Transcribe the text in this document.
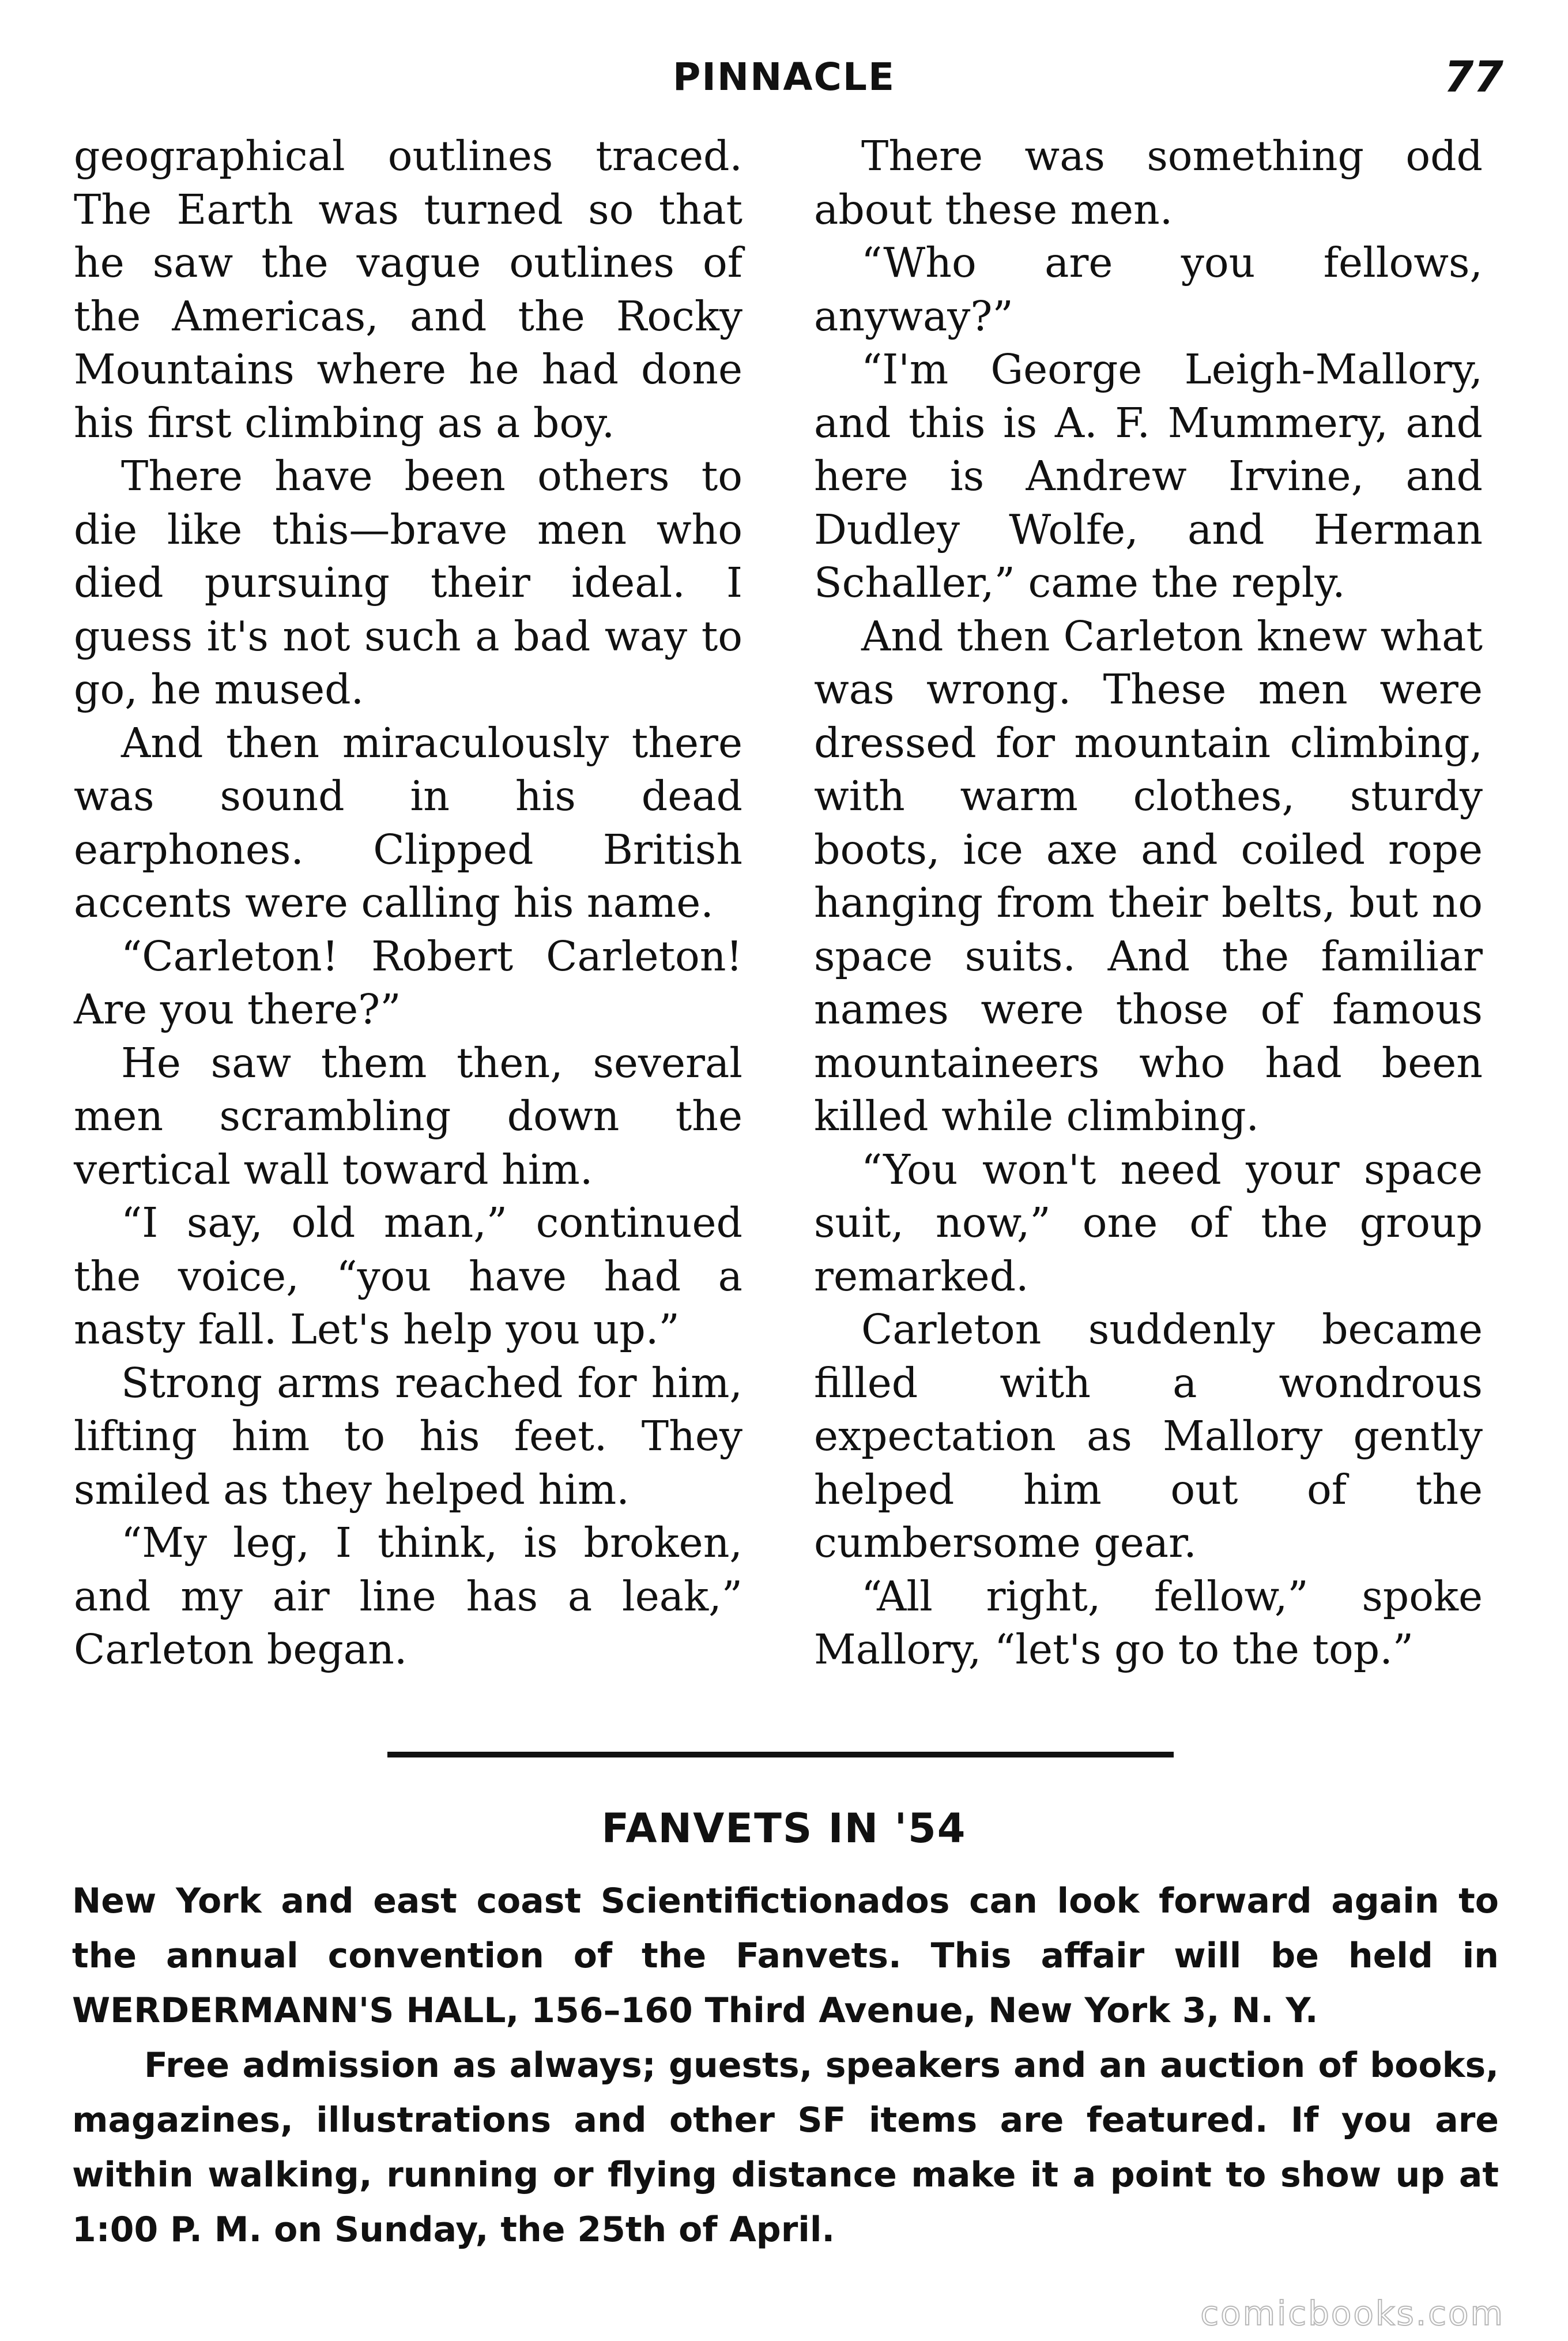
PINNACLE	77

geographical outlines traced. The Earth was turned so that he saw the vague outlines of the Americas, and the Rocky Mountains where he had done his first climbing as a boy.

There have been others to die like this—brave men who died pursuing their ideal. I guess it's not such a bad way to go, he mused.

And then miraculously there was sound in his dead earphones. Clipped British accents were calling his name.

“Carleton! Robert Carleton! Are you there?”

He saw them then, several men scrambling down the vertical wall toward him.

“I say, old man,” continued the voice, “you have had a nasty fall. Let's help you up.”

Strong arms reached for him, lifting him to his feet. They smiled as they helped him.

“My leg, I think, is broken, and my air line has a leak,” Carleton began.

There was something odd about these men.

“Who are you fellows, anyway?”

“I'm George Leigh-Mallory, and this is A. F. Mummery, and here is Andrew Irvine, and Dudley Wolfe, and Herman Schaller,” came the reply.

And then Carleton knew what was wrong. These men were dressed for mountain climbing, with warm clothes, sturdy boots, ice axe and coiled rope hanging from their belts, but no space suits. And the familiar names were those of famous mountaineers who had been killed while climbing.

“You won't need your space suit, now,” one of the group remarked.

Carleton suddenly became filled with a wondrous expectation as Mallory gently helped him out of the cumbersome gear.

“All right, fellow,” spoke Mallory, “let's go to the top.”

FANVETS IN '54

New York and east coast Scientifictionados can look forward again to the annual convention of the Fanvets. This affair will be held in WERDERMANN'S HALL, 156–160 Third Avenue, New York 3, N. Y.

Free admission as always; guests, speakers and an auction of books, magazines, illustrations and other SF items are featured. If you are within walking, running or flying distance make it a point to show up at 1:00 P. M. on Sunday, the 25th of April.

comicbooks.com
